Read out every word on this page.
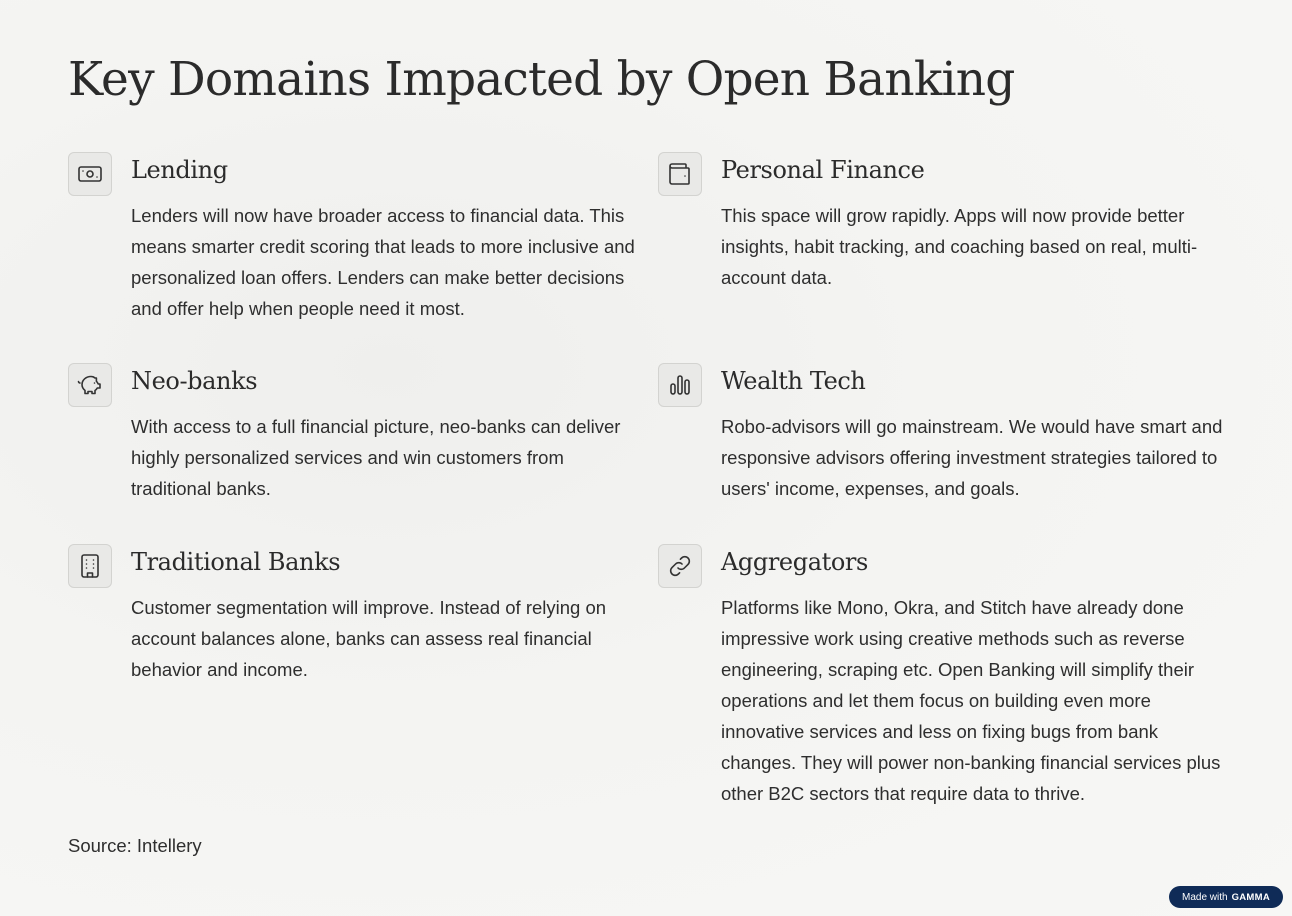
Key Domains Impacted by Open Banking
Lending

Lenders will now have broader access to financial data. This means smarter credit scoring that leads to more inclusive and personalized loan offers. Lenders can make better decisions and offer help when people need it most.

Personal Finance

This space will grow rapidly. Apps will now provide better insights, habit tracking, and coaching based on real, multi-account data.

Neo-banks

With access to a full financial picture, neo-banks can deliver highly personalized services and win customers from traditional banks.

Wealth Tech

Robo-advisors will go mainstream. We would have smart and responsive advisors offering investment strategies tailored to users' income, expenses, and goals.

Traditional Banks

Customer segmentation will improve. Instead of relying on account balances alone, banks can assess real financial behavior and income.

Aggregators

Platforms like Mono, Okra, and Stitch have already done impressive work using creative methods such as reverse engineering, scraping etc. Open Banking will simplify their operations and let them focus on building even more innovative services and less on fixing bugs from bank changes. They will power non-banking financial services plus other B2C sectors that require data to thrive.

Source: Intellery
Made with GAMMA
